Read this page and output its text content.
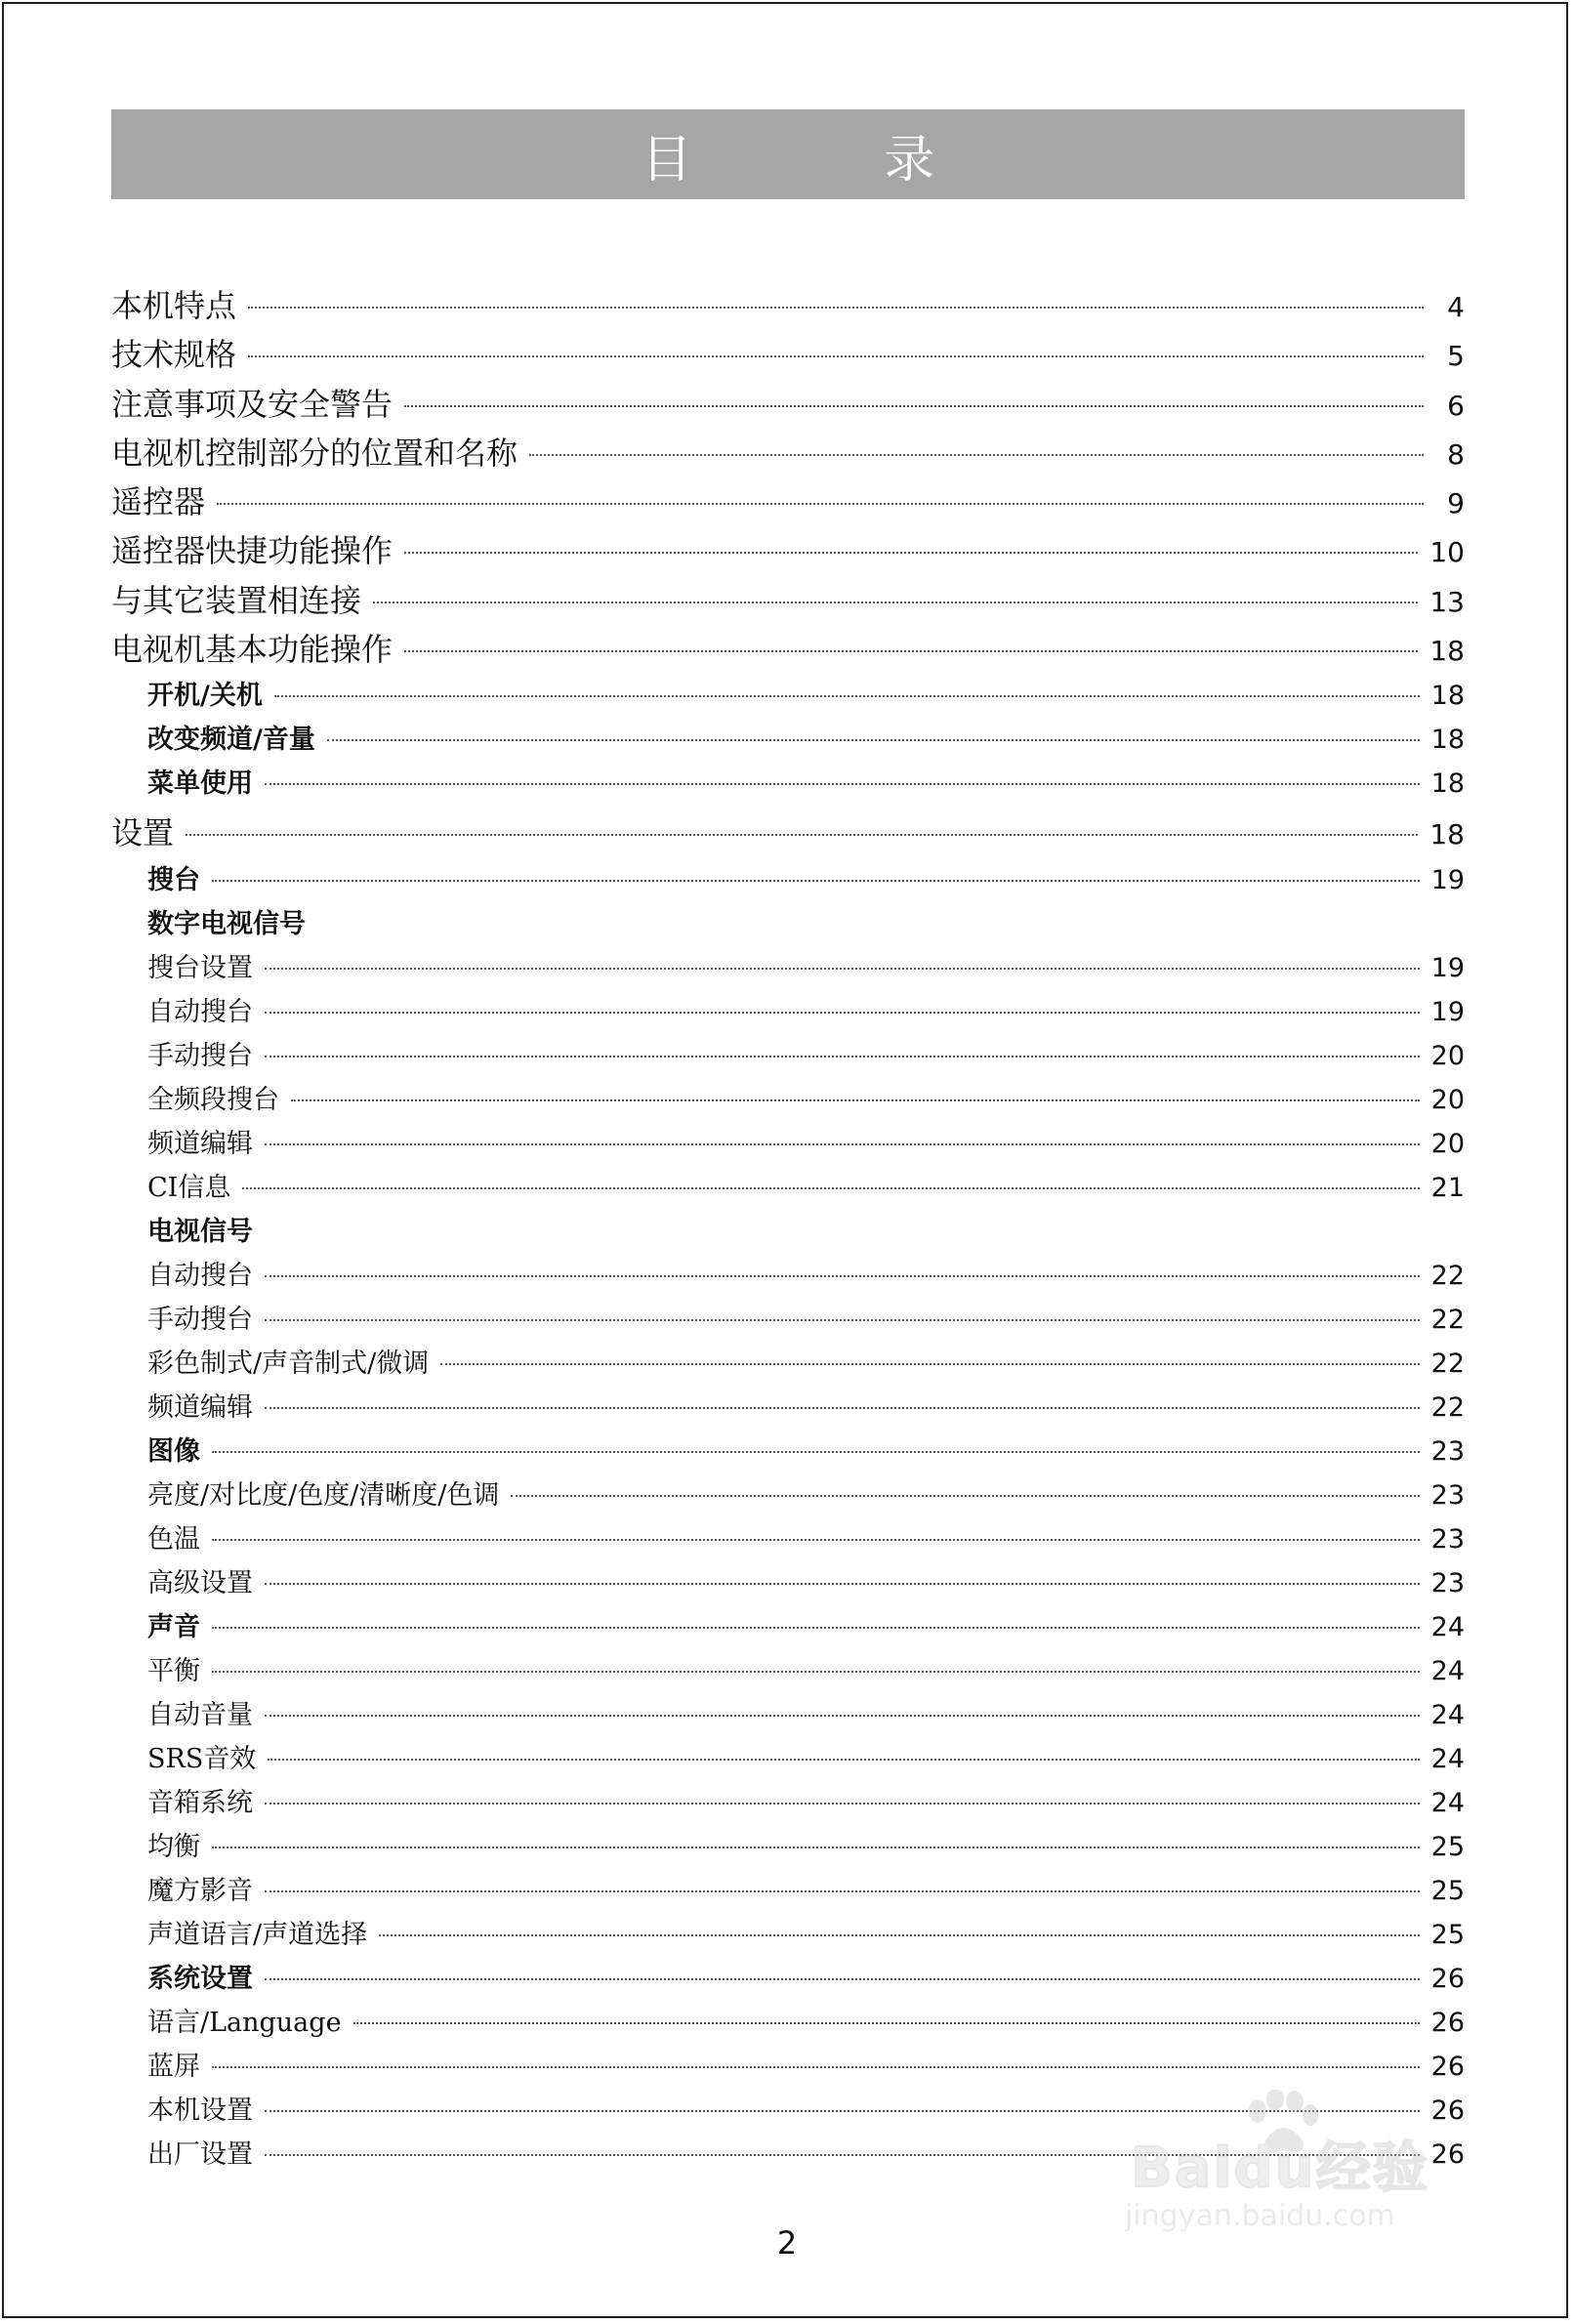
目 录
本机特点	4
技术规格	5
注意事项及安全警告	6
电视机控制部分的位置和名称	8
遥控器	9
遥控器快捷功能操作	10
与其它装置相连接	13
电视机基本功能操作	18
开机/关机	18
改变频道/音量	18
菜单使用	18
设置	18
搜台	19
数字电视信号
搜台设置	19
自动搜台	19
手动搜台	20
全频段搜台	20
频道编辑	20
CI信息	21
电视信号
自动搜台	22
手动搜台	22
彩色制式/声音制式/微调	22
频道编辑	22
图像	23
亮度/对比度/色度/清晰度/色调	23
色温	23
高级设置	23
声音	24
平衡	24
自动音量	24
SRS音效	24
音箱系统	24
均衡	25
魔方影音	25
声道语言/声道选择	25
系统设置	26
语言/Language	26
蓝屏	26
本机设置	26
出厂设置	26
2
Baidu经验
jingyan.baidu.com
